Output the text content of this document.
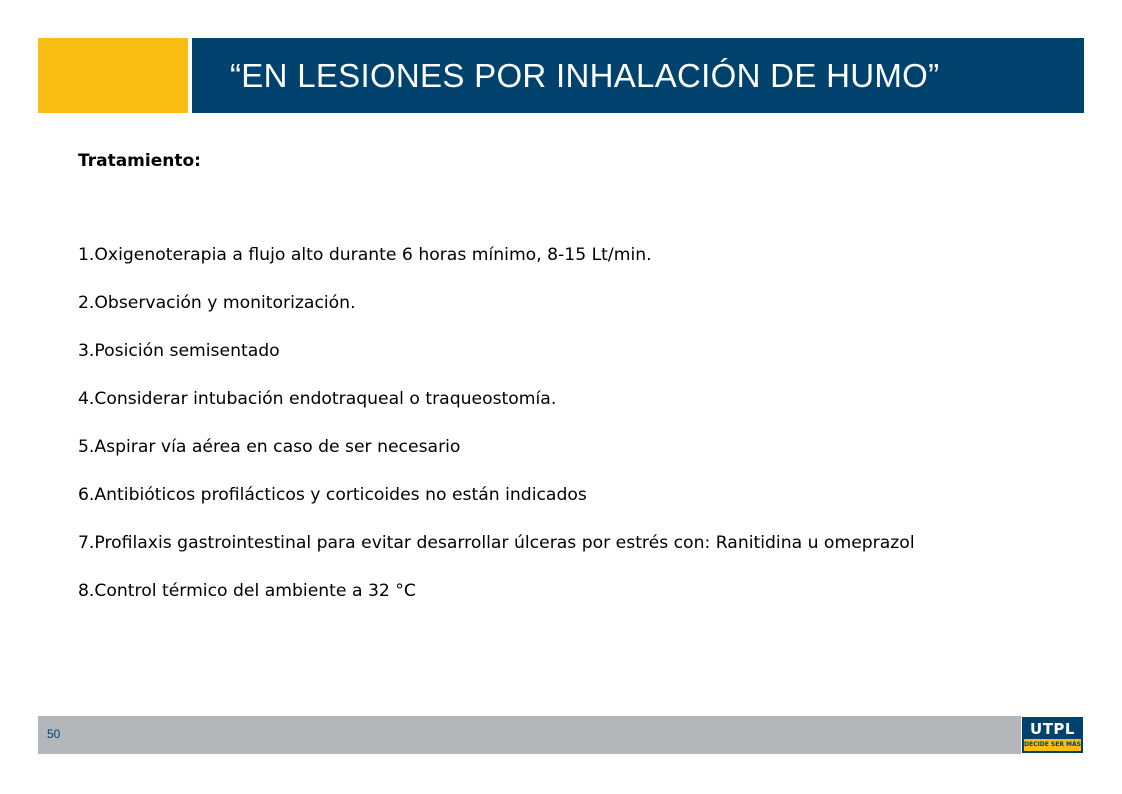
“EN LESIONES POR INHALACIÓN DE HUMO”
Tratamiento:
1.Oxigenoterapia a flujo alto durante 6 horas mínimo, 8-15 Lt/min.
2.Observación y monitorización.
3.Posición semisentado
4.Considerar intubación endotraqueal o traqueostomía.
5.Aspirar vía aérea en caso de ser necesario
6.Antibióticos profilácticos y corticoides no están indicados
7.Profilaxis gastrointestinal para evitar desarrollar úlceras por estrés con: Ranitidina u omeprazol
8.Control térmico del ambiente a 32 °C
50	UTPL
DECIDE SER MÁS
